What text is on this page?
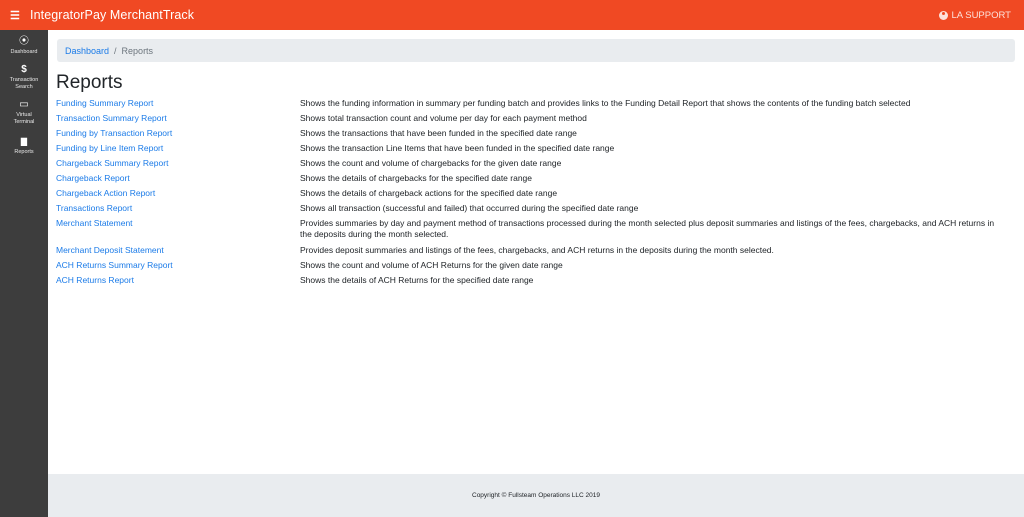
☰ IntegratorPay MerchantTrack	LA SUPPORT
⦿
Dashboard
$
Transaction Search
▭
Virtual Terminal
▇
Reports
Dashboard / Reports
Reports
Funding Summary Report	Shows the funding information in summary per funding batch and provides links to the Funding Detail Report that shows the contents of the funding batch selected
Transaction Summary Report	Shows total transaction count and volume per day for each payment method
Funding by Transaction Report	Shows the transactions that have been funded in the specified date range
Funding by Line Item Report	Shows the transaction Line Items that have been funded in the specified date range
Chargeback Summary Report	Shows the count and volume of chargebacks for the given date range
Chargeback Report	Shows the details of chargebacks for the specified date range
Chargeback Action Report	Shows the details of chargeback actions for the specified date range
Transactions Report	Shows all transaction (successful and failed) that occurred during the specified date range
Merchant Statement	Provides summaries by day and payment method of transactions processed during the month selected plus deposit summaries and listings of the fees, chargebacks, and ACH returns in the deposits during the month selected.
Merchant Deposit Statement	Provides deposit summaries and listings of the fees, chargebacks, and ACH returns in the deposits during the month selected.
ACH Returns Summary Report	Shows the count and volume of ACH Returns for the given date range
ACH Returns Report	Shows the details of ACH Returns for the specified date range
Copyright © Fullsteam Operations LLC 2019
